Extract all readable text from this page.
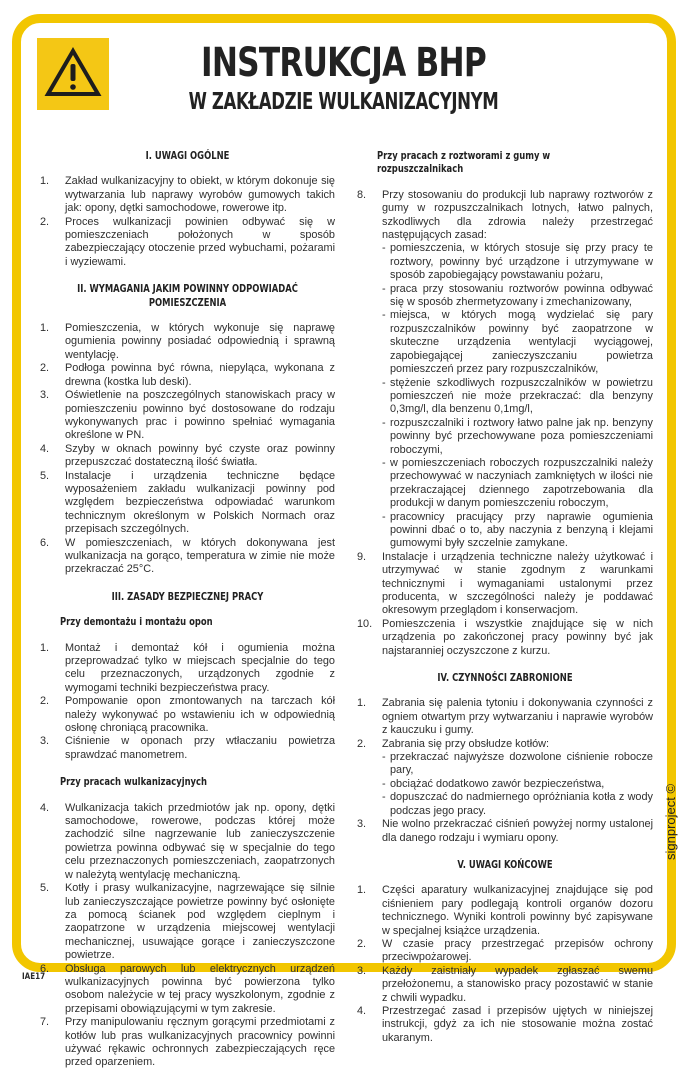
INSTRUKCJA BHP
W ZAKŁADZIE WULKANIZACYJNYM
I. UWAGI OGÓLNE
1.	Zakład wulkanizacyjny to obiekt, w którym dokonuje się wytwarzania lub naprawy wyrobów gumowych takich jak: opony, dętki samochodowe, rowerowe itp.
2.	Proces wulkanizacji powinien odbywać się w pomieszczeniach położonych w sposób zabezpieczający otoczenie przed wybuchami, pożarami i wyziewami.
II. WYMAGANIA JAKIM POWINNY ODPOWIADAĆ POMIESZCZENIA
1.	Pomieszczenia, w których wykonuje się naprawę ogumienia powinny posiadać odpowiednią i sprawną wentylację.
2.	Podłoga powinna być równa, niepyląca, wykonana z drewna (kostka lub deski).
3.	Oświetlenie na poszczególnych stanowiskach pracy w pomieszczeniu powinno być dostosowane do rodzaju wykonywanych prac i powinno spełniać wymagania określone w PN.
4.	Szyby w oknach powinny być czyste oraz powinny przepuszczać dostateczną ilość światła.
5.	Instalacje i urządzenia techniczne będące wyposażeniem zakładu wulkanizacji powinny pod względem bezpieczeństwa odpowiadać warunkom technicznym określonym w Polskich Normach oraz przepisach szczególnych.
6.	W pomieszczeniach, w których dokonywana jest wulkanizacja na gorąco, temperatura w zimie nie może przekraczać 25°C.
III. ZASADY BEZPIECZNEJ PRACY
Przy demontażu i montażu opon
1.	Montaż i demontaż kół i ogumienia można przeprowadzać tylko w miejscach specjalnie do tego celu przeznaczonych, urządzonych zgodnie z wymogami techniki bezpieczeństwa pracy.
2.	Pompowanie opon zmontowanych na tarczach kół należy wykonywać po wstawieniu ich w odpowiednią osłonę chroniącą pracownika.
3.	Ciśnienie w oponach przy wtłaczaniu powietrza sprawdzać manometrem.
Przy pracach wulkanizacyjnych
4.	Wulkanizacja takich przedmiotów jak np. opony, dętki samochodowe, rowerowe, podczas której może zachodzić silne nagrzewanie lub zanieczyszczenie powietrza powinna odbywać się w specjalnie do tego celu przeznaczonych pomieszczeniach, zaopatrzonych w należytą wentylację mechaniczną.
5.	Kotły i prasy wulkanizacyjne, nagrzewające się silnie lub zanieczyszczające powietrze powinny być osłonięte za pomocą ścianek pod względem cieplnym i zaopatrzone w urządzenia miejscowej wentylacji mechanicznej, usuwające gorące i zanieczyszczone powietrze.
6.	Obsługa parowych lub elektrycznych urządzeń wulkanizacyjnych powinna być powierzona tylko osobom należycie w tej pracy wyszkolonym, zgodnie z przepisami obowiązującymi w tym zakresie.
7.	Przy manipulowaniu ręcznym gorącymi przedmiotami z kotłów lub pras wulkanizacyjnych pracownicy powinni używać rękawic ochronnych zabezpieczających ręce przed oparzeniem.
Przy pracach z roztworami z gumy w rozpuszczalnikach
8.	Przy stosowaniu do produkcji lub naprawy roztworów z gumy w rozpuszczalnikach lotnych, łatwo palnych, szkodliwych dla zdrowia należy przestrzegać następujących zasad:
- pomieszczenia, w których stosuje się przy pracy te roztwory, powinny być urządzone i utrzymywane w sposób zapobiegający powstawaniu pożaru,
- praca przy stosowaniu roztworów powinna odbywać się w sposób zhermetyzowany i zmechanizowany,
- miejsca, w których mogą wydzielać się pary rozpuszczalników powinny być zaopatrzone w skuteczne urządzenia wentylacji wyciągowej, zapobiegającej zanieczyszczaniu powietrza pomieszczeń przez pary rozpuszczalników,
- stężenie szkodliwych rozpuszczalników w powietrzu pomieszczeń nie może przekraczać: dla benzyny 0,3mg/l, dla benzenu 0,1mg/l,
- rozpuszczalniki i roztwory łatwo palne jak np. benzyny powinny być przechowywane poza pomieszczeniami roboczymi,
- w pomieszczeniach roboczych rozpuszczalniki należy przechowywać w naczyniach zamkniętych w ilości nie przekraczającej dziennego zapotrzebowania dla produkcji w danym pomieszczeniu roboczym,
- pracownicy pracujący przy naprawie ogumienia powinni dbać o to, aby naczynia z benzyną i klejami gumowymi były szczelnie zamykane.
9.	Instalacje i urządzenia techniczne należy użytkować i utrzymywać w stanie zgodnym z warunkami technicznymi i wymaganiami ustalonymi przez producenta, w szczególności należy je poddawać okresowym przeglądom i konserwacjom.
10. Pomieszczenia i wszystkie znajdujące się w nich urządzenia po zakończonej pracy powinny być jak najstaranniej oczyszczone z kurzu.
IV. CZYNNOŚCI ZABRONIONE
1.	Zabrania się palenia tytoniu i dokonywania czynności z ogniem otwartym przy wytwarzaniu i naprawie wyrobów z kauczuku i gumy.
2.	Zabrania się przy obsłudze kotłów:
- przekraczać najwyższe dozwolone ciśnienie robocze pary,
- obciążać dodatkowo zawór bezpieczeństwa,
- dopuszczać do nadmiernego opróżniania kotła z wody podczas jego pracy.
3.	Nie wolno przekraczać ciśnień powyżej normy ustalonej dla danego rodzaju i wymiaru opony.
V. UWAGI KOŃCOWE
1.	Części aparatury wulkanizacyjnej znajdujące się pod ciśnieniem pary podlegają kontroli organów dozoru technicznego. Wyniki kontroli powinny być zapisywane w specjalnej książce urządzenia.
2.	W czasie pracy przestrzegać przepisów ochrony przeciwpożarowej.
3.	Każdy zaistniały wypadek zgłaszać swemu przełożonemu, a stanowisko pracy pozostawić w stanie z chwili wypadku.
4.	Przestrzegać zasad i przepisów ujętych w niniejszej instrukcji, gdyż za ich nie stosowanie można zostać ukaranym.
signproject ©
IAE17
